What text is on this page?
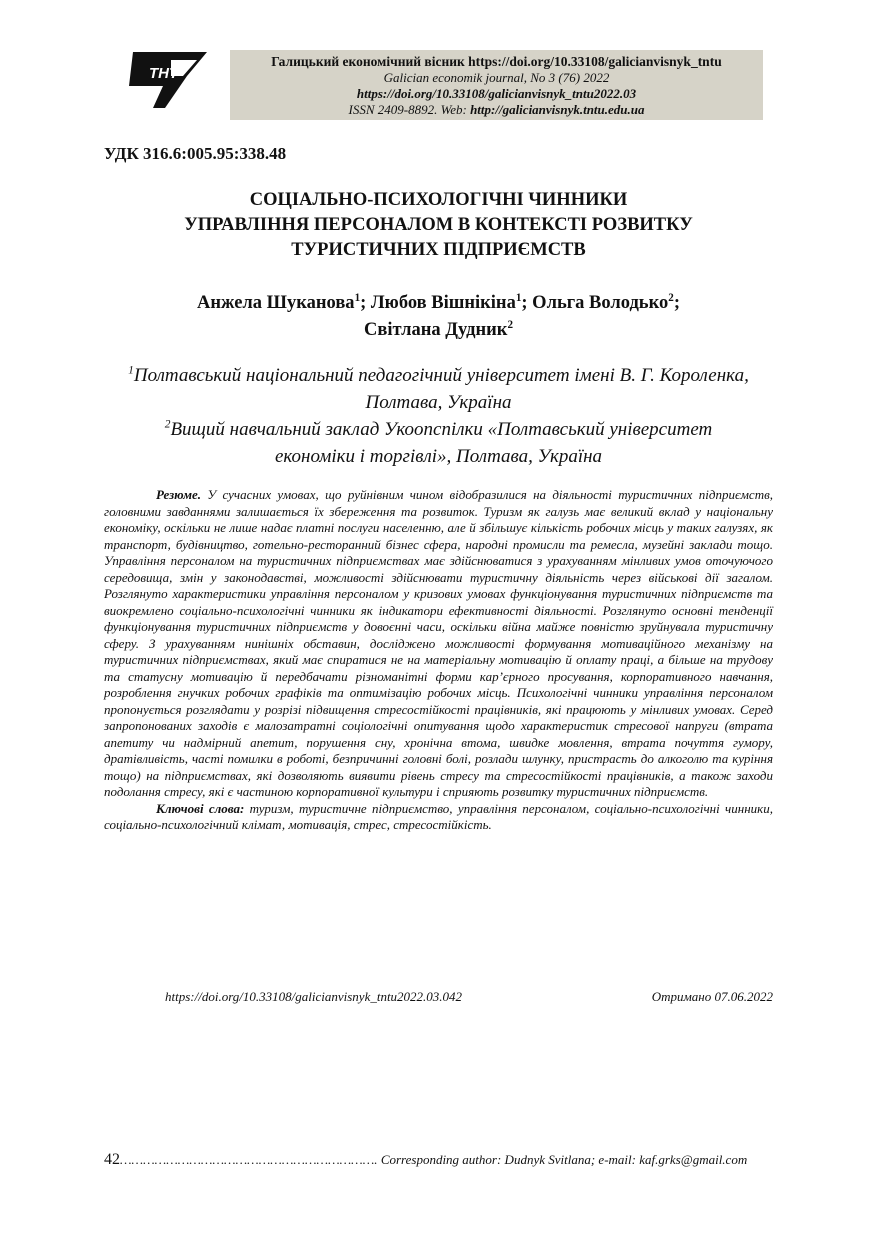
ТНТ
Галицький економічний вісник https://doi.org/10.33108/galicianvisnyk_tntu
Galician economik journal, No 3 (76) 2022
https://doi.org/10.33108/galicianvisnyk_tntu2022.03
ISSN 2409-8892. Web: http://galicianvisnyk.tntu.edu.ua
УДК 316.6:005.95:338.48
СОЦІАЛЬНО-ПСИХОЛОГІЧНІ ЧИННИКИ
УПРАВЛІННЯ ПЕРСОНАЛОМ В КОНТЕКСТІ РОЗВИТКУ
ТУРИСТИЧНИХ ПІДПРИЄМСТВ
Анжела Шуканова$^1$; Любов Вішнікіна$^1$; Ольга Володько$^2$;
Світлана Дудник$^2$
$^1$Полтавський національний педагогічний університет імені В. Г. Короленка,
Полтава, Україна
$^2$Вищий навчальний заклад Укоопспілки «Полтавський університет
економіки і торгівлі», Полтава, Україна

Резюме. У сучасних умовах, що руйнівним чином відобразилися на діяльності туристичних підприємств, головними завданнями залишається їх збереження та розвиток. Туризм як галузь має великий вклад у національну економіку, оскільки не лише надає платні послуги населенню, але й збільшує кількість робочих місць у таких галузях, як транспорт, будівництво, готельно-ресторанний бізнес сфера, народні промисли та ремесла, музейні заклади тощо. Управління персоналом на туристичних підприємствах має здійснюватися з урахуванням мінливих умов оточуючого середовища, змін у законодавстві, можливості здійснювати туристичну діяльність через військові дії загалом. Розглянуто характеристики управління персоналом у кризових умовах функціонування туристичних підприємств та виокремлено соціально-психологічні чинники як індикатори ефективності діяльності. Розглянуто основні тенденції функціонування туристичних підприємств у довоєнні часи, оскільки війна майже повністю зруйнувала туристичну сферу. З урахуванням нинішніх обставин, досліджено можливості формування мотиваційного механізму на туристичних підприємствах, який має спиратися не на матеріальну мотивацію й оплату праці, а більше на трудову та статусну мотивацію й передбачати різноманітні форми кар’єрного просування, корпоративного навчання, розроблення гнучких робочих графіків та оптимізацію робочих місць. Психологічні чинники управління персоналом пропонується розглядати у розрізі підвищення стресостійкості працівників, які працюють у мінливих умовах. Серед запропонованих заходів є малозатратні соціологічні опитування щодо характеристик стресової напруги (втрата апетиту чи надмірний апетит, порушення сну, хронічна втома, швидке мовлення, втрата почуття гумору, дратівливість, часті помилки в роботі, безпричинні головні болі, розлади шлунку, пристрасть до алкоголю та куріння тощо) на підприємствах, які дозволяють виявити рівень стресу та стресостійкості працівників, а також заходи подолання стресу, які є частиною корпоративної культури і сприяють розвитку туристичних підприємств.

Ключові слова: туризм, туристичне підприємство, управління персоналом, соціально-психологічні чинники, соціально-психологічний клімат, мотивація, стрес, стресостійкість.

https://doi.org/10.33108/galicianvisnyk_tntu2022.03.042	Отримано 07.06.2022
42…………………………………………………………. Corresponding author: Dudnyk Svitlana; e-mail: kaf.grks@gmail.com
